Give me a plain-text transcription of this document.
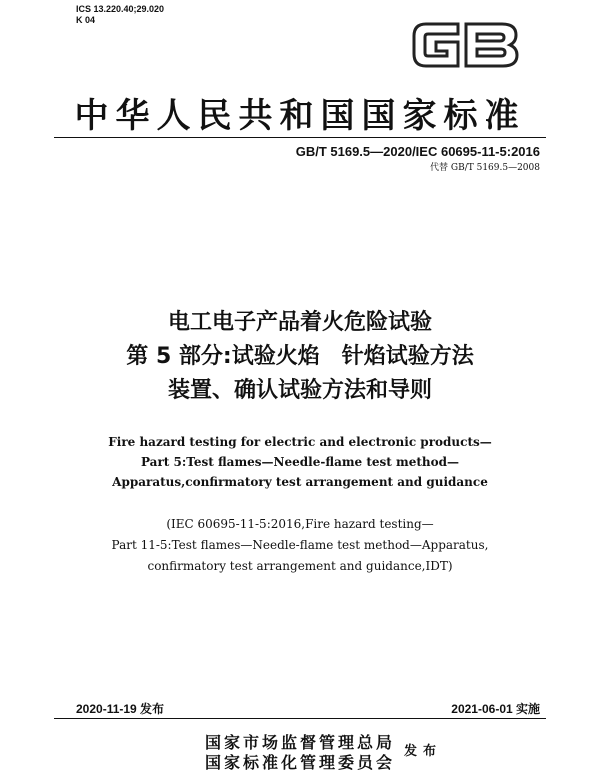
ICS 13.220.40;29.020
K 04
中华人民共和国国家标准
GB/T 5169.5—2020/IEC 60695-11-5:2016
代替 GB/T 5169.5—2008
电工电子产品着火危险试验
第 5 部分:试验火焰　针焰试验方法
装置、确认试验方法和导则
Fire hazard testing for electric and electronic products—
Part 5:Test flames—Needle-flame test method—
Apparatus,confirmatory test arrangement and guidance
(IEC 60695-11-5:2016,Fire hazard testing—
Part 11-5:Test flames—Needle-flame test method—Apparatus,
confirmatory test arrangement and guidance,IDT)
2020-11-19 发布	2021-06-01 实施
国家市场监督管理总局
国家标准化管理委员会
发布
